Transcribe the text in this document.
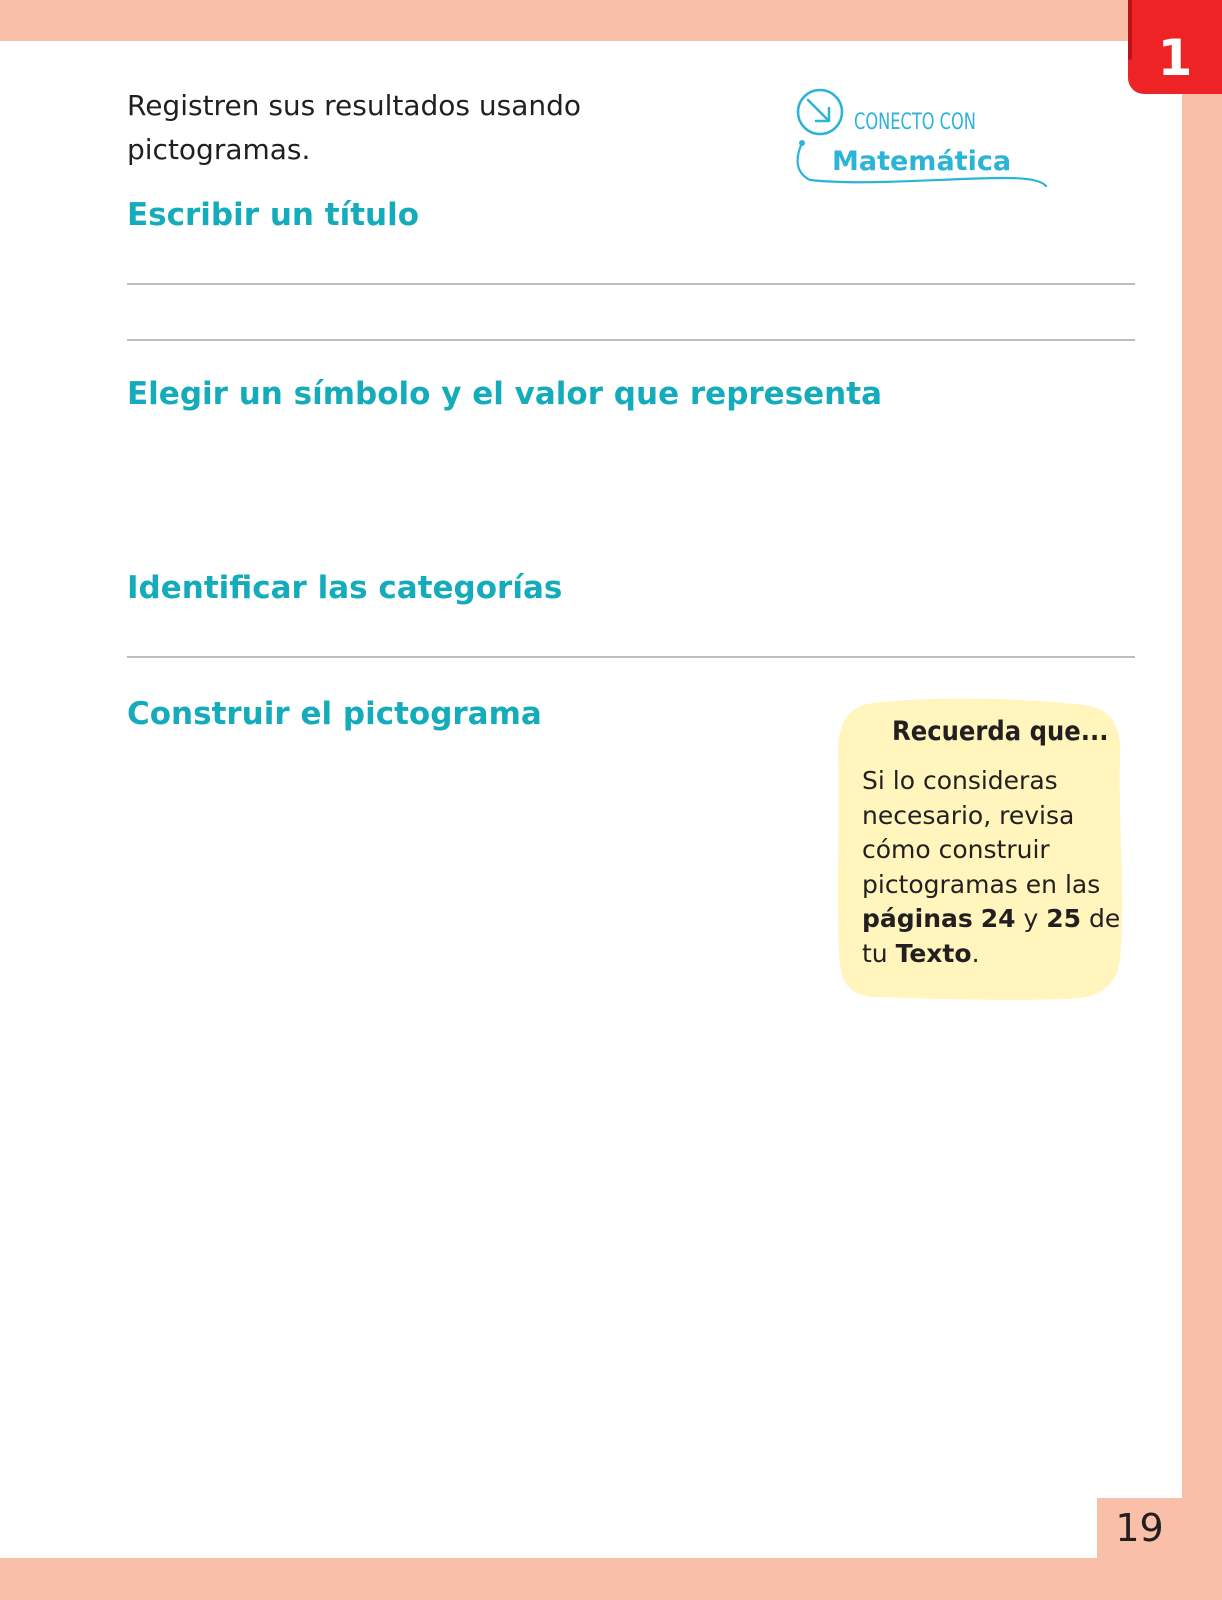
1

Registren sus resultados usando pictogramas.

CONECTO CON
Matemática
Escribir un título
Elegir un símbolo y el valor que representa
Identificar las categorías
Construir el pictograma	Recuerda que...
Si lo consideras necesario, revisa cómo construir pictogramas en las páginas 24 y 25 de tu Texto.
19
